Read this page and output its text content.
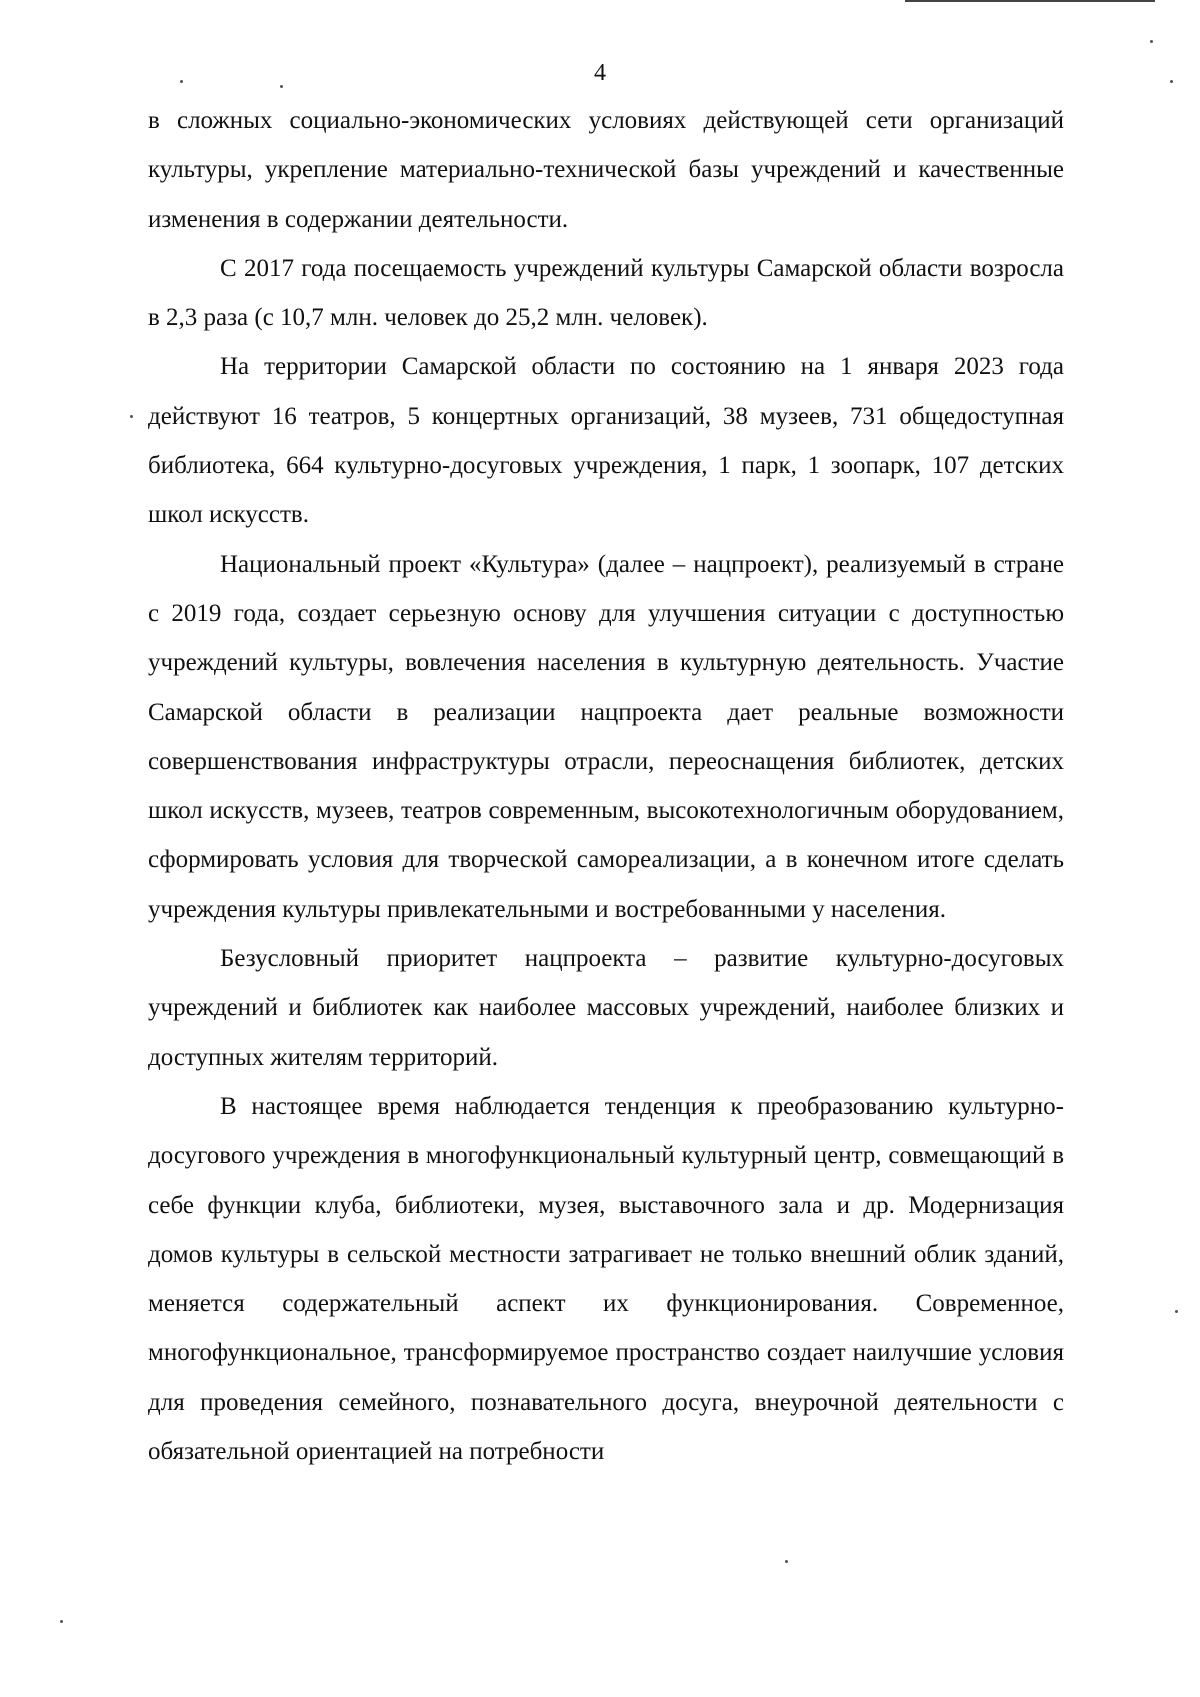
4

в сложных социально-экономических условиях действующей сети организаций культуры, укрепление материально-технической базы учреждений и качественные изменения в содержании деятельности.

С 2017 года посещаемость учреждений культуры Самарской области возросла в 2,3 раза (с 10,7 млн. человек до 25,2 млн. человек).

На территории Самарской области по состоянию на 1 января 2023 года действуют 16 театров, 5 концертных организаций, 38 музеев, 731 общедоступная библиотека, 664 культурно-досуговых учреждения, 1 парк, 1 зоопарк, 107 детских школ искусств.

Национальный проект «Культура» (далее – нацпроект), реализуемый в стране с 2019 года, создает серьезную основу для улучшения ситуации с доступностью учреждений культуры, вовлечения населения в культурную деятельность. Участие Самарской области в реализации нацпроекта дает реальные возможности совершенствования инфраструктуры отрасли, переоснащения библиотек, детских школ искусств, музеев, театров современным, высокотехнологичным оборудованием, сформировать условия для творческой самореализации, а в конечном итоге сделать учреждения культуры привлекательными и востребованными у населения.

Безусловный приоритет нацпроекта – развитие культурно-досуговых учреждений и библиотек как наиболее массовых учреждений, наиболее близких и доступных жителям территорий.

В настоящее время наблюдается тенденция к преобразованию культурно-досугового учреждения в многофункциональный культурный центр, совмещающий в себе функции клуба, библиотеки, музея, выставочного зала и др. Модернизация домов культуры в сельской местности затрагивает не только внешний облик зданий, меняется содержательный аспект их функционирования. Современное, многофункциональное, трансформируемое пространство создает наилучшие условия для проведения семейного, познавательного досуга, внеурочной деятельности с обязательной ориентацией на потребности
